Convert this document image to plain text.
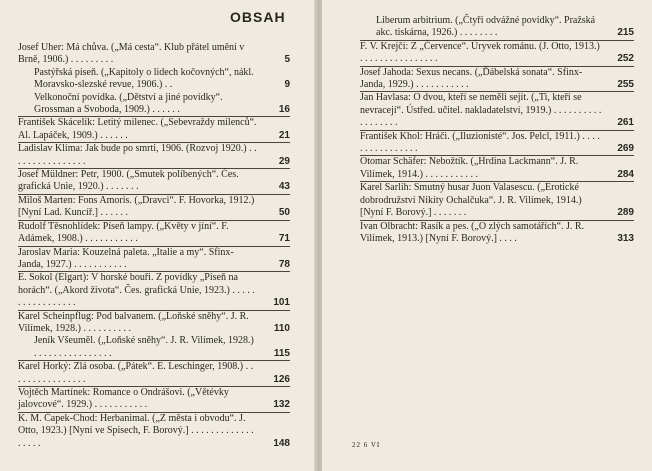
OBSAH
Josef Uher: Má chůva. („Má cesta“. Klub přátel umění v Brně, 1906.) . . . . . . . . .	5
Pastýřská píseň. („Kapitoly o lidech kočovných“, nákl. Moravsko-slezské revue, 1906.) . .	9
Velkonoční povídka. („Dětství a jiné povídky“. Grossman a Svoboda, 1909.) . . . . . .	16
František Skácelík: Letitý milenec. („Sebevraždy milenců“. Al. Lapáček, 1909.) . . . . . .	21
Ladislav Klíma: Jak bude po smrti, 1906. (Rozvoj 1920.) . . . . . . . . . . . . . . . .	29
Josef Müldner: Petr, 1900. („Smutek políbených“. Čes. grafická Unie, 1920.) . . . . . . .	43
Miloš Marten: Fons Amoris. („Dravci“. F. Hovorka, 1912.) [Nyní Lad. Kuncíř.] . . . . . .	50
Rudolf Těsnohlídek: Píseň lampy. („Květy v jíní“. F. Adámek, 1908.) . . . . . . . . . . .	71
Jaroslav Maria: Kouzelná paleta. „Italie a my“. Sfinx-Janda, 1927.) . . . . . . . . . . .	78
E. Sokol (Elgart): V horské bouři. Z povídky „Píseň na horách“. („Akord života“. Čes. grafická Unie, 1923.) . . . . . . . . . . . . . . . . .	101
Karel Scheinpflug: Pod balvanem. („Loňské sněhy“. J. R. Vilímek, 1928.) . . . . . . . . . .	110
Jeník Všeuměl. („Loňské sněhy“. J. R. Vilímek, 1928.) . . . . . . . . . . . . . . . .	115
Karel Horký: Zlá osoba. („Pátek“. E. Leschinger, 1908.) . . . . . . . . . . . . . . . .	126
Vojtěch Martínek: Romance o Ondrášovi. („Větévky jalovcové“. 1929.) . . . . . . . . . . .	132
K. M. Čapek-Chod: Herbanimal. („Z města i obvodu“. J. Otto, 1923.) [Nyní ve Spisech, F. Borový.] . . . . . . . . . . . . . . . . . .	148	22 6 VI
Liberum arbitrium. („Čtyři odvážné povídky“. Pražská akc. tiskárna, 1926.) . . . . . . . .	215
F. V. Krejčí: Z „Července“. Úryvek románu. (J. Otto, 1913.) . . . . . . . . . . . . . . . .	252
Josef Jahoda: Sexus necans. („Ďábelská sonata“. Sfinx-Janda, 1929.) . . . . . . . . . . .	255
Jan Havlasa: O dvou, kteří se neměli sejít. („Ti, kteří se nevracejí“. Ústřed. učitel. nakladatelství, 1919.) . . . . . . . . . . . . . . . . . .	261
František Khol: Hráči. („Iluzionisté“. Jos. Pelcl, 1911.) . . . . . . . . . . . . . . . .	269
Otomar Schäfer: Nebožtík. („Hrdina Lackmann“. J. R. Vilímek, 1914.) . . . . . . . . . . .	284
Karel Sarlih: Smutný husar Juon Valasescu. („Erotické dobrodružství Nikity Ochalčuka“. J. R. Vilímek, 1914.) [Nyní F. Borový.] . . . . . . .	289
Ivan Olbracht: Rasík a pes. („O zlých samotářích“. J. R. Vilímek, 1913.) [Nyní F. Borový.] . . . .	313
